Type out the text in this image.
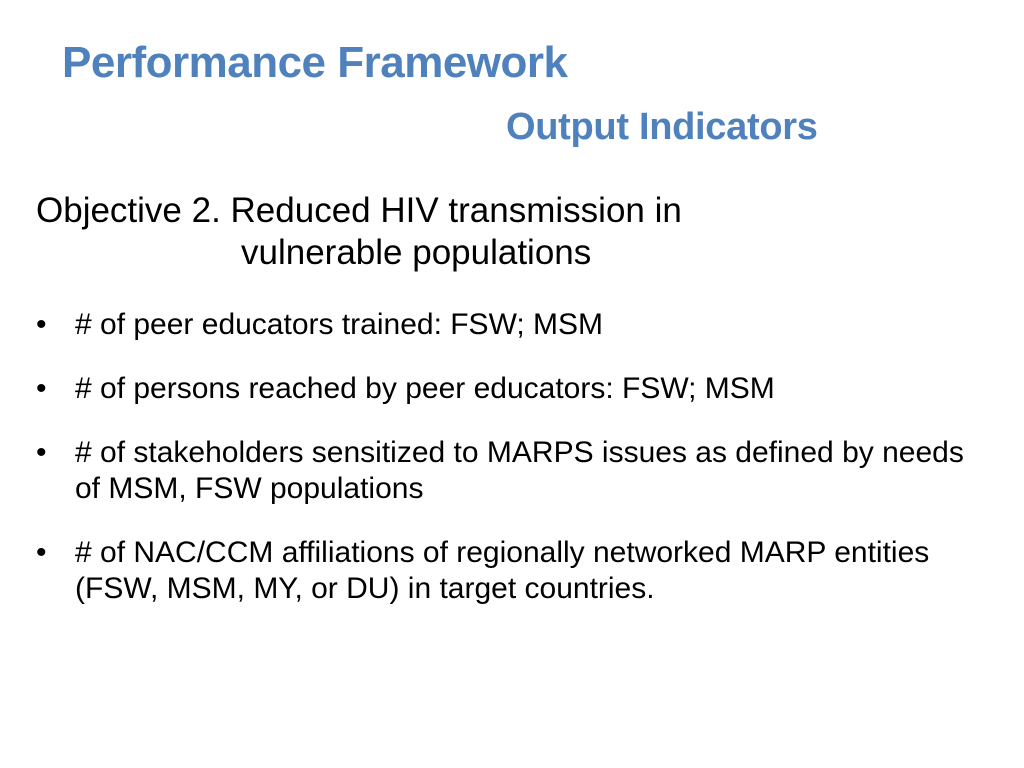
Performance Framework
Output Indicators
Objective 2. Reduced HIV transmission in
vulnerable populations
• # of peer educators trained: FSW; MSM
• # of persons reached by peer educators: FSW; MSM
• # of stakeholders sensitized to MARPS issues as defined by needs of MSM, FSW populations
• # of NAC/CCM affiliations of regionally networked MARP entities (FSW, MSM, MY, or DU) in target countries.
